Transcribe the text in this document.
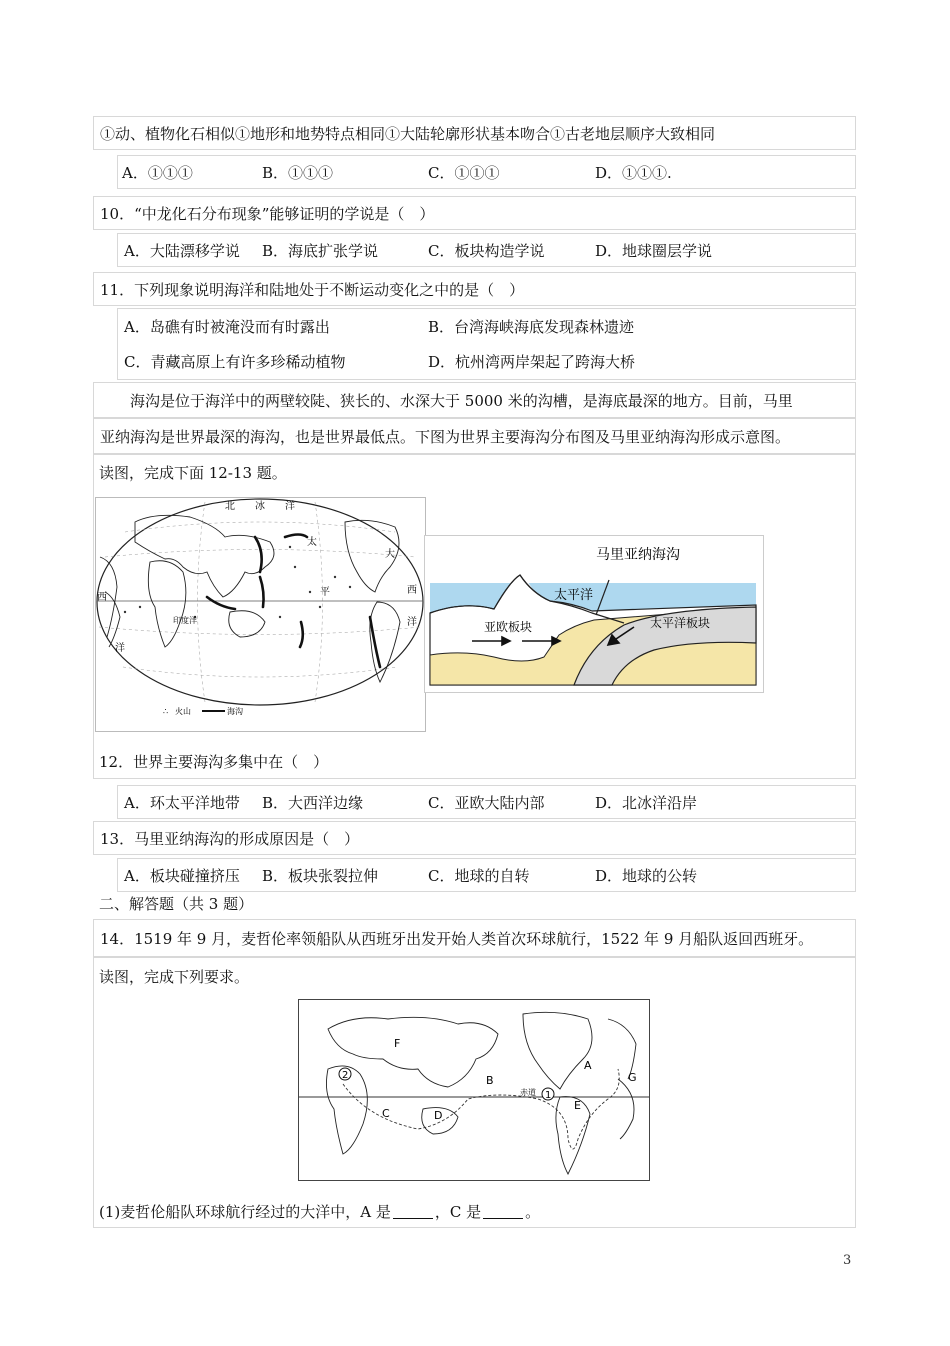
①动、植物化石相似①地形和地势特点相同①大陆轮廓形状基本吻合①古老地层顺序大致相同
A．①①①	B．①①①	C．①①①	D．①①①.
10．“中龙化石分布现象”能够证明的学说是（　）
A．大陆漂移学说 B．海底扩张学说	C．板块构造学说	D．地球圈层学说
11．下列现象说明海洋和陆地处于不断运动变化之中的是（　）
A．岛礁有时被淹没而有时露出	B．台湾海峡海底发现森林遗迹
C．青藏高原上有许多珍稀动植物	D．杭州湾两岸架起了跨海大桥
海沟是位于海洋中的两壁较陡、狭长的、水深大于 5000 米的沟槽，是海底最深的地方。目前，马里
亚纳海沟是世界最深的海沟，也是世界最低点。下图为世界主要海沟分布图及马里亚纳海沟形成示意图。
读图，完成下面 12-13 题。
北 冰 洋
太
大
平
西
西
洋
洋
印度洋
∴ 火山	海沟
马里亚纳海沟
太平洋
亚欧板块	太平洋板块
12．世界主要海沟多集中在（　）
A．环太平洋地带 B．大西洋边缘	C．亚欧大陆内部	D．北冰洋沿岸
13．马里亚纳海沟的形成原因是（　）
A．板块碰撞挤压 B．板块张裂拉伸	C．地球的自转	D．地球的公转
二、解答题（共 3 题）
14．1519 年 9 月，麦哲伦率领船队从西班牙出发开始人类首次环球航行，1522 年 9 月船队返回西班牙。
读图，完成下列要求。
2
1
F
B
A
G
C	D
E
赤道
(1)麦哲伦船队环球航行经过的大洋中，A 是	，C 是	。
3
